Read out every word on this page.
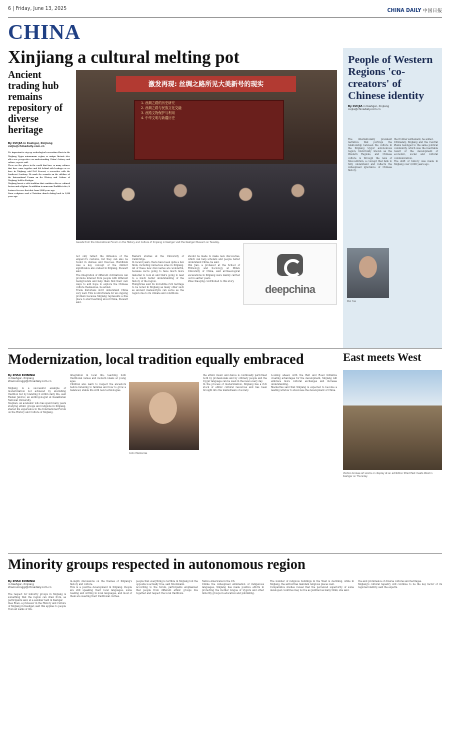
6 | Friday, June 13, 2025	CHINA DAILY 中国日报
CHINA
Xinjiang a cultural melting pot
Ancient trading hub remains repository of diverse heritage
By CUI JIA in Kashgar, Xinjiang
cuijia@chinadaily.com.cn
It's important to step up archeological excavation efforts in the Xinjiang Uygur autonomous region, as unique historic sites offer new perspectives on understanding China's history and culture, experts said.
There are five places in the world that have so many cultures that have come together and left behind rich heritages as we have in Xinjiang, said Neil Stewart, a researcher with the Southeast Academy. He made the remarks on the sidelines of the International Forum on the History and Culture of Xinjiang, held in Kashgar.
Xinjiang boasts a rich tradition that combines diverse cultural factors and religions. In addition to numerous Buddhist sites, it features frescoes that date from 2,000 years ago.
Stone sculptures and a Christian church dating back to 1,200 years ago.
激发再现: 丝绸之路所见大美新号的现实
1. 丝绸之路的历史研究
2. 丝绸之路与民族文化交融
3. 丝路文物保护与利用
4. 中华文明与新疆历史
Guests from the International Forum on the History and Culture of Xinjiang in Kashgar visit the Kashgar Museum on Tuesday.
not only reflect the influence of the emperor's customs, but they can also be found in statues and frescoes. Buddhism was a key concept of the distinct significance also valued in Xinjiang, Stewart said.
The integration of different civilizations can promote interest from people with different backgrounds and help them find their own ways to add hope to explore the Chinese culture themselves, he added.
Trade historians don't understand China very well. This is unfortunate for an ongoing problem because Xinjiang represents a fine place to start learning about China, Stewart said.
Eastern studies at the University of Cambridge.
In recent years, there have been quite a few finds, including numerous sites in Xinjiang. All of these new discoveries are wonderful, because we're going to have much more material to look at and that's going to lead to a much better understanding of the history of the region.
Humphries said its incredible rich heritage to be noted in Xinjiang as many other such as ancient manuscripts can serve as the region due to its climate and conditions.
should be made to make new discoveries, which can help scholars and people better understand China, he said.
Wei Jian, a professor at the School of Ethnology and Sociology at Minzu University of China, said archaeological excavations in Xinjiang were mainly carried out in earlier years.
Zhao Xiaoqing contributed to this story.
deepchina
People of Western Regions 'co-creators' of Chinese identity
By CUI JIA in Kashgar, Xinjiang
cuijia@chinadaily.com.cn
The internationally prevalent narrative that portrays the relationship between the culture in the Xinjiang Uygur autonomous region, historically known as the Western Regions, and Chinese culture is through the lens of Sinocentrism, a concept that fails to fully understand and reflects the widespread ignorance of Chinese history.
the frontier settlement, he added.
Ultimately, Xinjiang and the Central Plains belonged to the same political community, which was the inevitable result of the development of economic, social and cultural communication.
The shift of history was made in Xinjiang over 2,000 years ago.
Pan Yue
Modernization, local tradition equally embraced
By ZHAO RUININGI
in Kashgar, Xinjiang
zhaoruininggi@chinadaily.com.cn
Xinjiang is a successful example of modernization not achieved by abolishing tradition but by blending it within daily life, said Ruslan Jabirov, an anthropologist at Kazakhstan National University.
Stephen, an academic who has spent many years studying ethnic groups and religions in Xinjiang, shared his experience in the International Forum on the History and Culture of Xinjiang.
integration in local life, teaching both traditional values and modern ideals at young ages.
Children also learn to respect the ancestors before listening to families and how to grow a balanced, stable life with new technologies.
Colin Mackerras
the ethnic music and dance is continually performed both by professionals and by ordinary people and the Uygur language can be used in the news every day.
In the process of modernization, Xinjiang has a rich stock of ethnic cultural resources and has been brought into the mainstream of society.
Looking ahead, with the Belt and Road Initiative creating advantages for the development, Xinjiang will embrace more cultural exchanges and increase understanding.
Mackerras said that Xinjiang is expected to become a leading window to showcase the development of China.
East meets West
Visitors browse art works on display at an exhibition titled East meets West in Kashgar on Thursday.
Minority groups respected in autonomous region
By ZHAO RUININGI
in Kashgar, Xinjiang
zhaoruininggi@chinadaily.com.cn
The respect for minority groups in Xinjiang is something that the region can draw from, as participants said, at a seminar held in Kashgar.
Ines Eben, a professor in the History and Culture of Xinjiang in Kashgar, said this applies to people from all walks of life.
in-depth discussions on the themes of Xinjiang's history and culture.
This is a positive development in Xinjiang. People are still speaking their local languages, some reading and writing in local languages, and most of them are wearing their traditional clothes.
people that everything is terrible in Xinjiang but the opposite is actually true, said Stuckmann.
According to the forum, participants emphasized that people from different ethnic groups live together and respect the local traditions.
Native Americans in the US.
Unlike the widespread elimination of indigenous languages, Xinjiang has made positive efforts in protecting the mother tongue of Uygurs and other minority groups in education and publishing.
The number of religious buildings in the West is declining, while in Xinjiang, the authorities maintain religious places well.
Comparative studies reveal that the perceived superiority of some developed countries may not be as justified as many think, she said.
tive and prominence of diverse cultures and heritages.
Xinjiang's cultural tapestry will continue to be the key factor of its regional identity, said the experts.
